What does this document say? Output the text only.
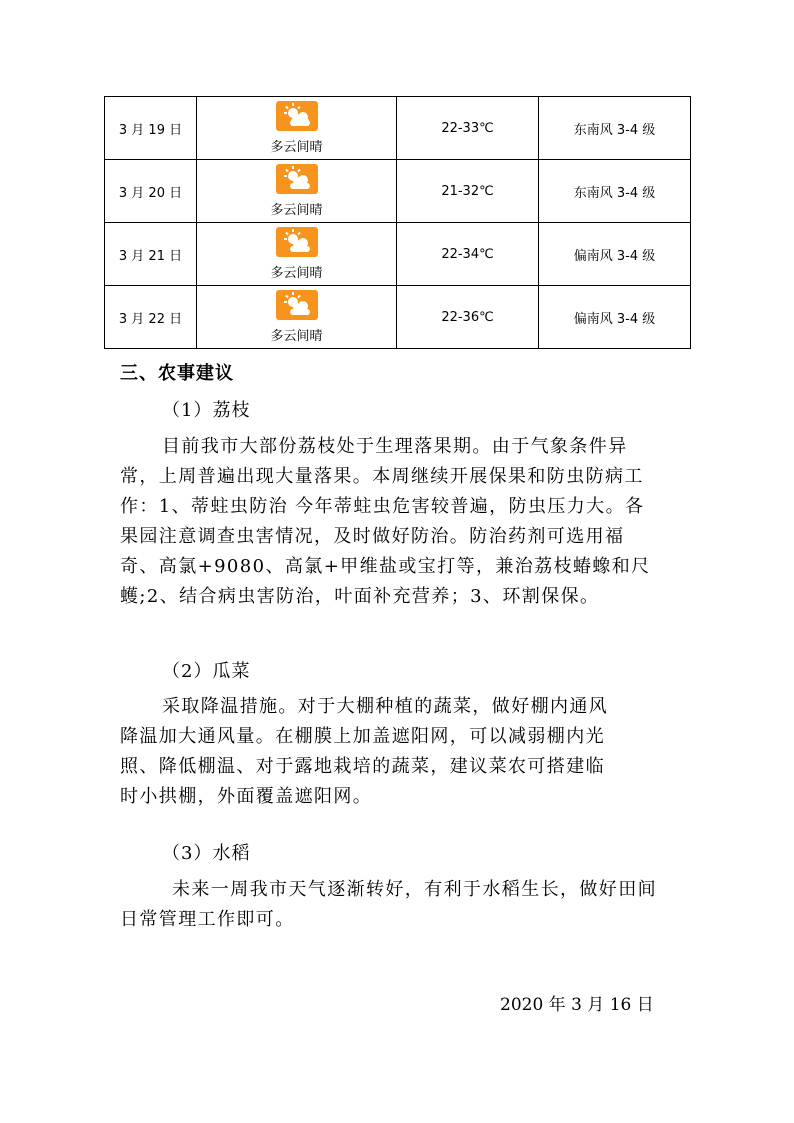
3 月 19 日	多云间晴	22-33℃	东南风 3-4 级
3 月 20 日	多云间晴	21-32℃	东南风 3-4 级
3 月 21 日	多云间晴	22-34℃	偏南风 3-4 级
3 月 22 日	多云间晴	22-36℃	偏南风 3-4 级
三、农事建议
（1）荔枝
目前我市大部份荔枝处于生理落果期。由于气象条件异
常，上周普遍出现大量落果。本周继续开展保果和防虫防病工
作：1、蒂蛀虫防治 今年蒂蛀虫危害较普遍，防虫压力大。各
果园注意调查虫害情况，及时做好防治。防治药剂可选用福
奇、高氯+9080、高氯+甲维盐或宝打等，兼治荔枝蝽蟓和尺
蠖;2、结合病虫害防治，叶面补充营养；3、环割保保。
（2）瓜菜
采取降温措施。对于大棚种植的蔬菜，做好棚内通风
降温加大通风量。在棚膜上加盖遮阳网，可以减弱棚内光
照、降低棚温、对于露地栽培的蔬菜，建议菜农可搭建临
时小拱棚，外面覆盖遮阳网。
（3）水稻
未来一周我市天气逐渐转好，有利于水稻生长，做好田间
日常管理工作即可。
2020 年 3 月 16 日
